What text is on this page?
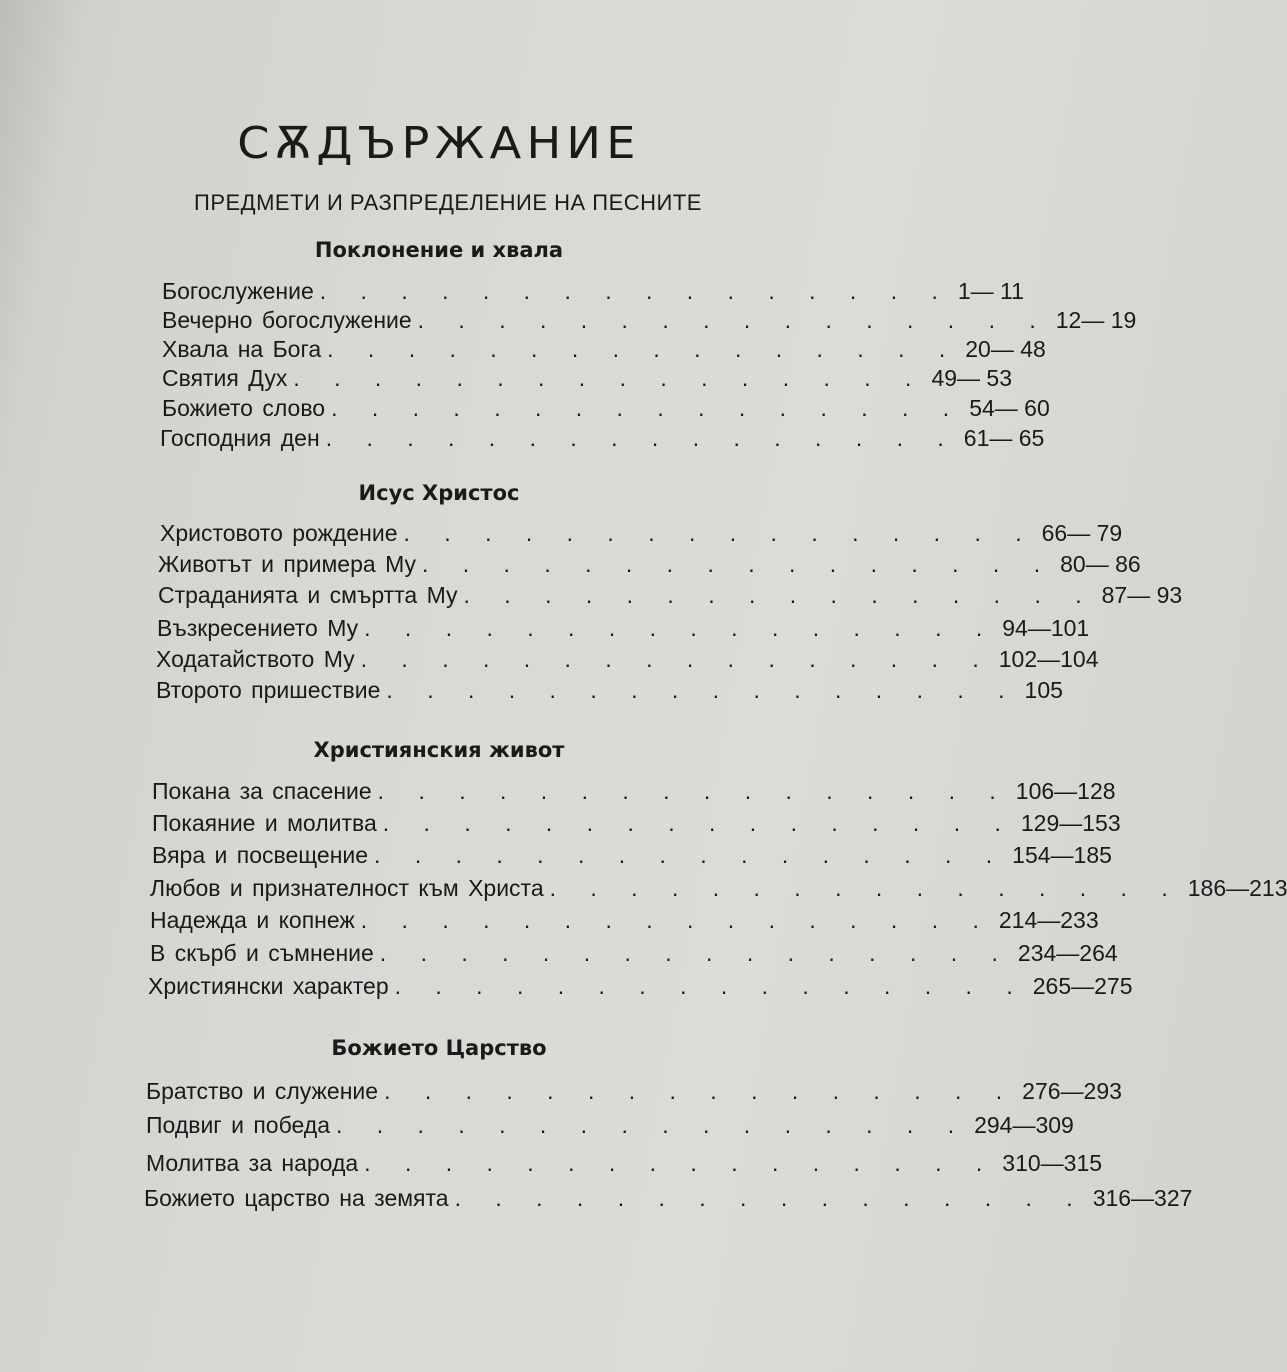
СѪДЪРЖАНИЕ
ПРЕДМЕТИ И РАЗПРЕДЕЛЕНИЕ НА ПЕСНИТЕ
Поклонение и хвала
Богослужение . . . . . . . . . . . . . . . . 1— 11
Вечерно богослужение . . . . . . . . . . . . . . . . 12— 19
Хвала на Бога . . . . . . . . . . . . . . . . 20— 48
Святия Дух . . . . . . . . . . . . . . . . 49— 53
Божието слово . . . . . . . . . . . . . . . . 54— 60
Господния ден . . . . . . . . . . . . . . . . 61— 65
Исус Христос
Христовото рождение . . . . . . . . . . . . . . . . 66— 79
Животът и примера Му . . . . . . . . . . . . . . . . 80— 86
Страданията и смъртта Му . . . . . . . . . . . . . . . . 87— 93
Възкресението Му . . . . . . . . . . . . . . . . 94—101
Ходатайството Му . . . . . . . . . . . . . . . . 102—104
Второто пришествие . . . . . . . . . . . . . . . . 105
Християнския живот
Покана за спасение . . . . . . . . . . . . . . . . 106—128
Покаяние и молитва . . . . . . . . . . . . . . . . 129—153
Вяра и посвещение . . . . . . . . . . . . . . . . 154—185
Любов и признателност към Христа . . . . . . . . . . . . . . . . 186—213
Надежда и копнеж . . . . . . . . . . . . . . . . 214—233
В скърб и съмнение . . . . . . . . . . . . . . . . 234—264
Християнски характер . . . . . . . . . . . . . . . . 265—275
Божието Царство
Братство и служение . . . . . . . . . . . . . . . . 276—293
Подвиг и победа . . . . . . . . . . . . . . . . 294—309
Молитва за народа . . . . . . . . . . . . . . . . 310—315
Божието царство на земята . . . . . . . . . . . . . . . . 316—327
